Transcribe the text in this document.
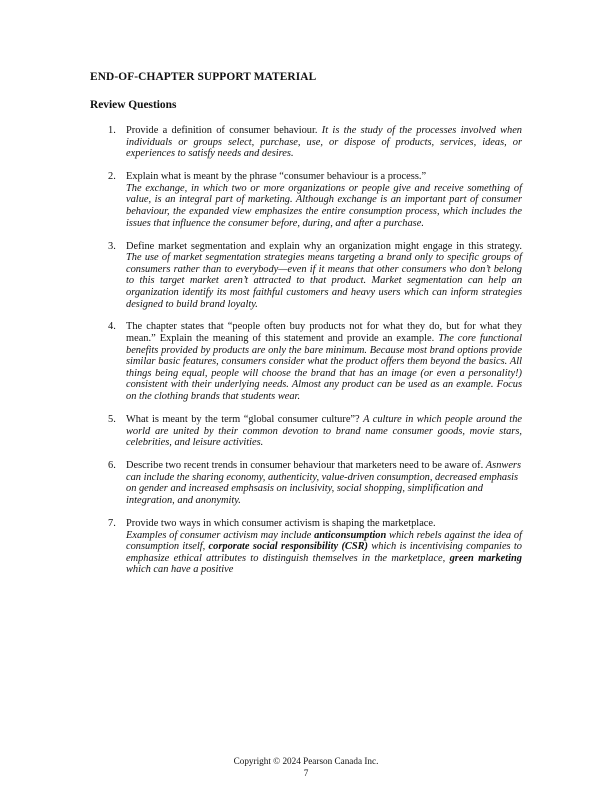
END-OF-CHAPTER SUPPORT MATERIAL
Review Questions
1. Provide a definition of consumer behaviour. It is the study of the processes involved when individuals or groups select, purchase, use, or dispose of products, services, ideas, or experiences to satisfy needs and desires.
2. Explain what is meant by the phrase “consumer behaviour is a process.”
The exchange, in which two or more organizations or people give and receive something of value, is an integral part of marketing. Although exchange is an important part of consumer behaviour, the expanded view emphasizes the entire consumption process, which includes the issues that influence the consumer before, during, and after a purchase.
3. Define market segmentation and explain why an organization might engage in this strategy. The use of market segmentation strategies means targeting a brand only to specific groups of consumers rather than to everybody—even if it means that other consumers who don’t belong to this target market aren’t attracted to that product. Market segmentation can help an organization identify its most faithful customers and heavy users which can inform strategies designed to build brand loyalty.
4. The chapter states that “people often buy products not for what they do, but for what they mean.” Explain the meaning of this statement and provide an example. The core functional benefits provided by products are only the bare minimum. Because most brand options provide similar basic features, consumers consider what the product offers them beyond the basics. All things being equal, people will choose the brand that has an image (or even a personality!) consistent with their underlying needs. Almost any product can be used as an example. Focus on the clothing brands that students wear.
5. What is meant by the term “global consumer culture”? A culture in which people around the world are united by their common devotion to brand name consumer goods, movie stars, celebrities, and leisure activities.
6. Describe two recent trends in consumer behaviour that marketers need to be aware of. Asnwers can include the sharing economy, authenticity, value-driven consumption, decreased emphasis on gender and increased emphsasis on inclusivity, social shopping, simplification and integration, and anonymity.
7. Provide two ways in which consumer activism is shaping the marketplace.
Examples of consumer activism may include anticonsumption which rebels against the idea of consumption itself, corporate social responsibility (CSR) which is incentivising companies to emphasize ethical attributes to distinguish themselves in the marketplace, green marketing which can have a positive
Copyright © 2024 Pearson Canada Inc.
7
